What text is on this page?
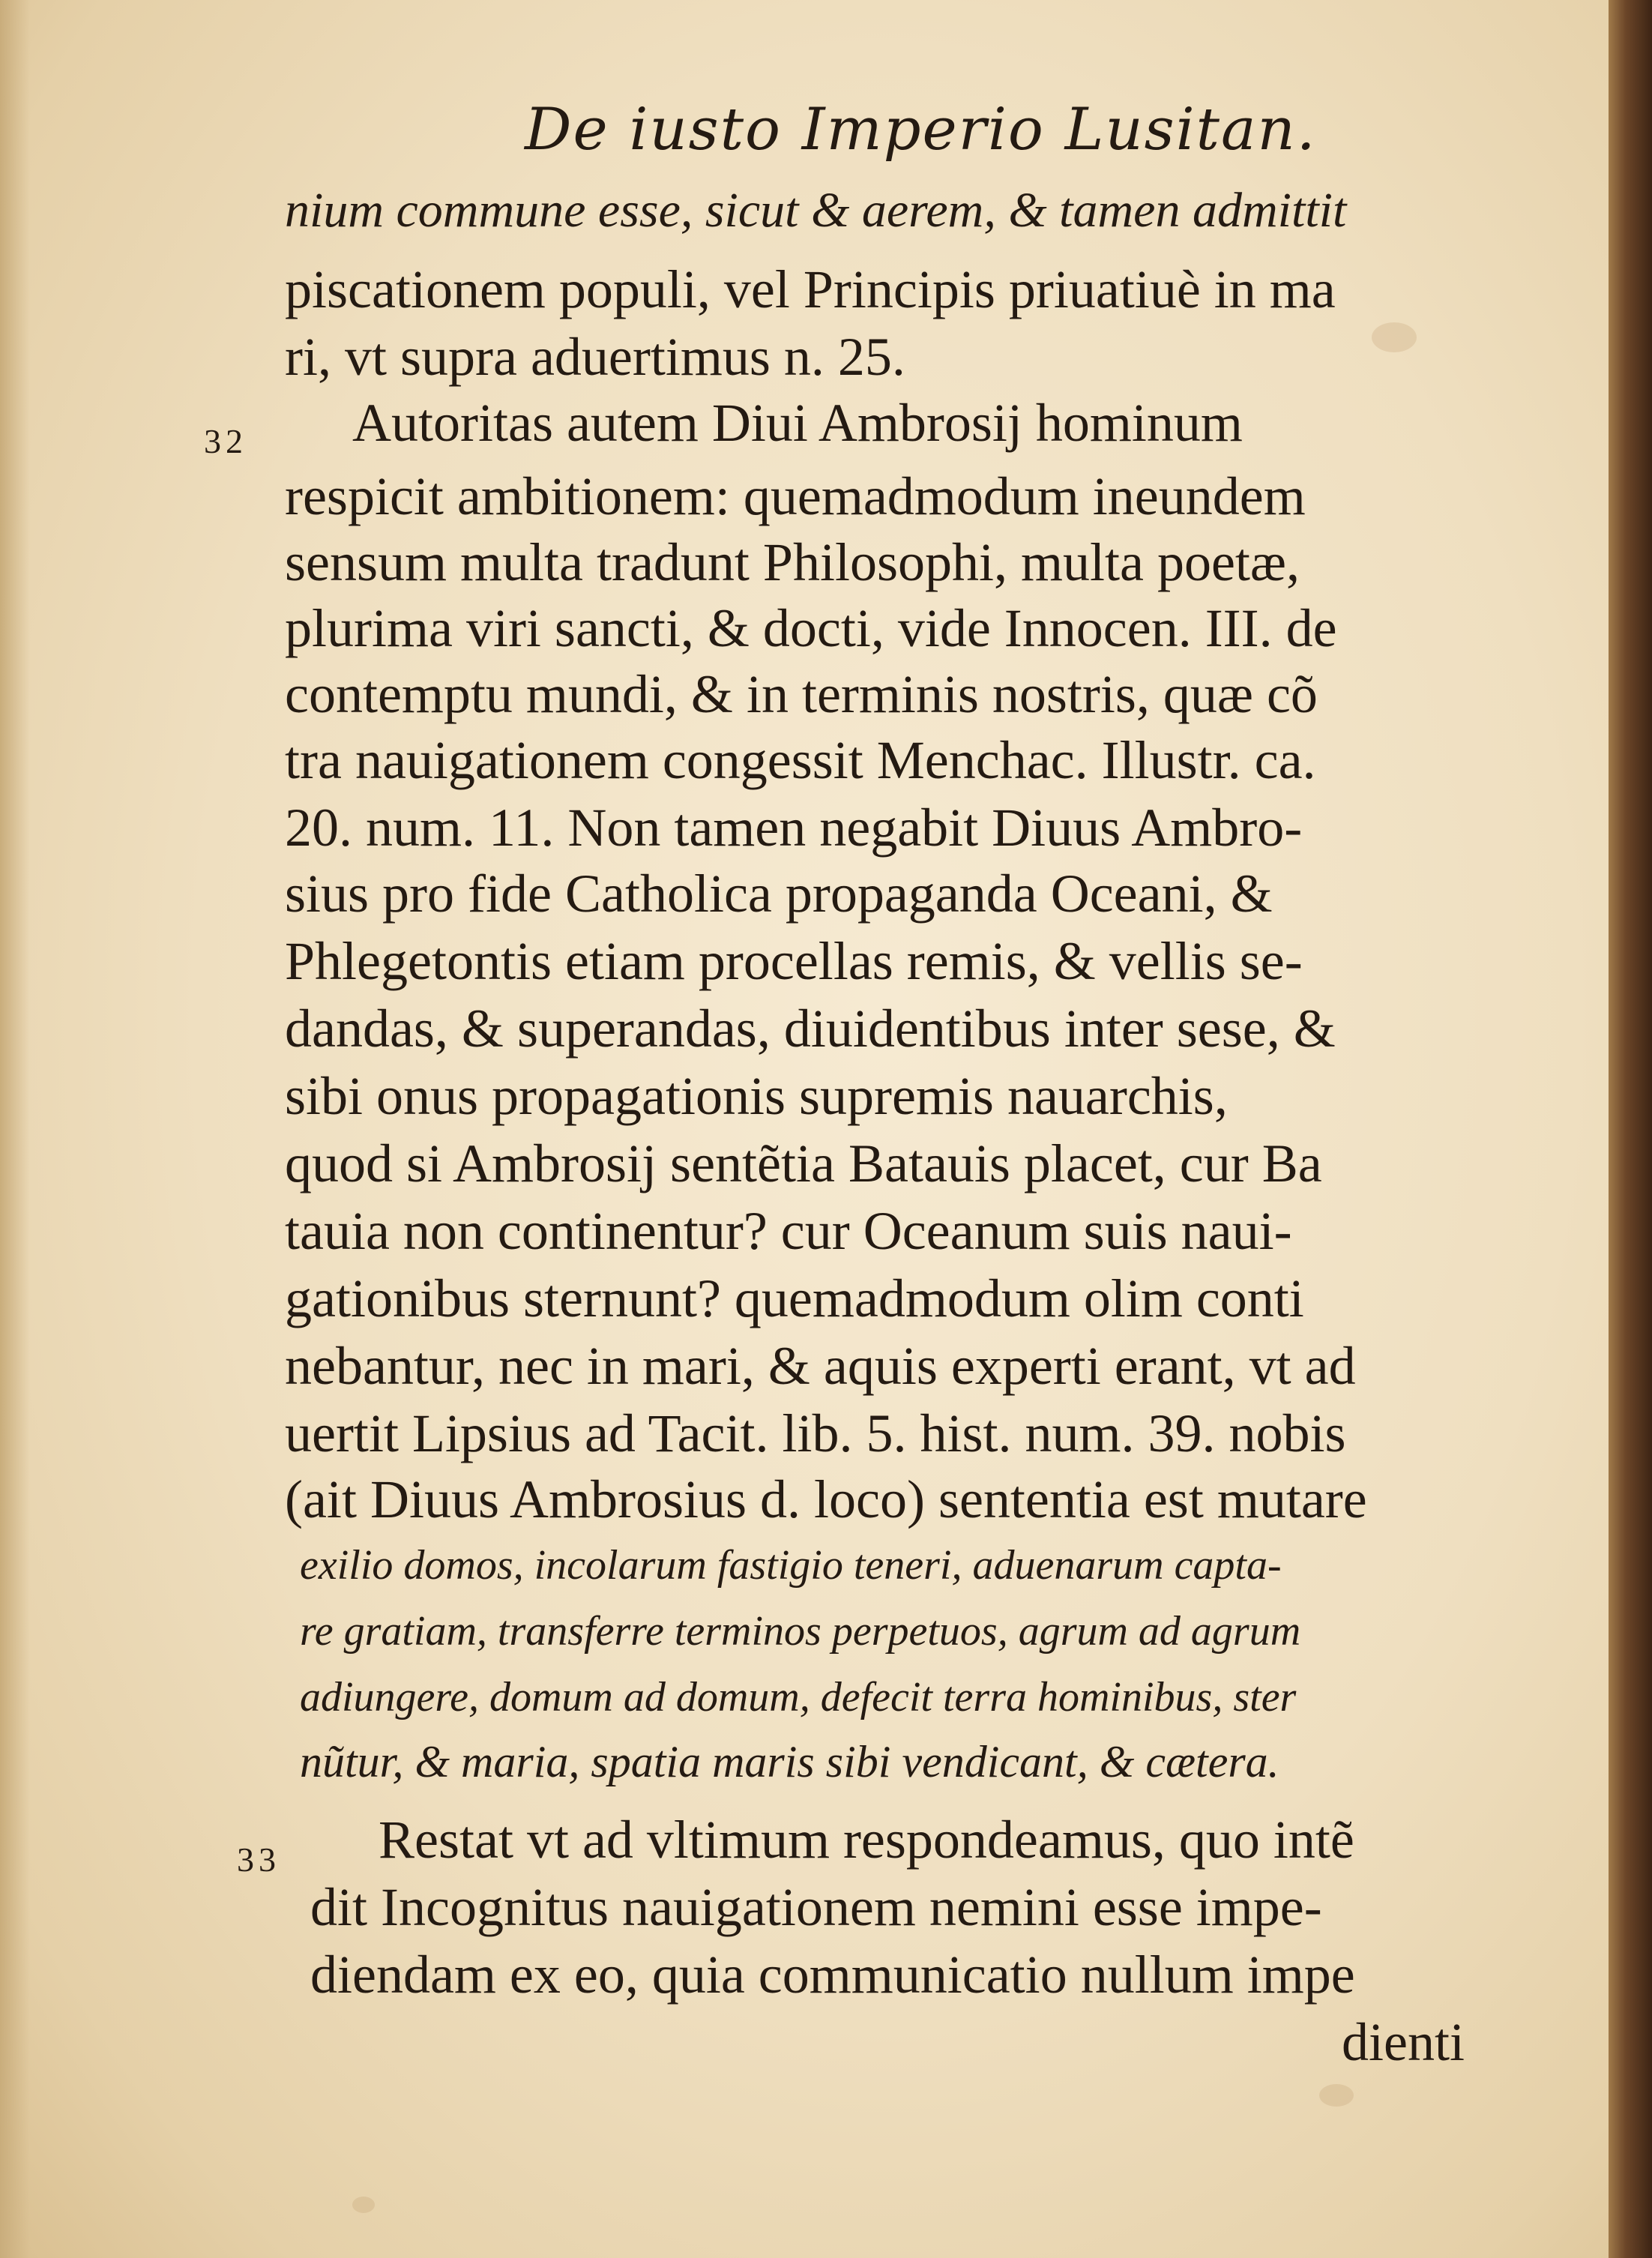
De iusto Imperio Lusitan.
nium commune esse, sicut & aerem, & tamen admittit
piscationem populi, vel Principis priuatiuè in ma
ri, vt supra aduertimus n. 25.
32 Autoritas autem Diui Ambrosij hominum
respicit ambitionem: quemadmodum ineundem
sensum multa tradunt Philosophi, multa poetæ,
plurima viri sancti, & docti, vide Innocen. III. de
contemptu mundi, & in terminis nostris, quæ cõ
tra nauigationem congessit Menchac. Illustr. ca.
20. num. 11. Non tamen negabit Diuus Ambro-
sius pro fide Catholica propaganda Oceani, &
Phlegetontis etiam procellas remis, & vellis se-
dandas, & superandas, diuidentibus inter sese, &
sibi onus propagationis supremis nauarchis,
quod si Ambrosij sentẽtia Batauis placet, cur Ba
tauia non continentur? cur Oceanum suis naui-
gationibus sternunt? quemadmodum olim conti
nebantur, nec in mari, & aquis experti erant, vt ad
uertit Lipsius ad Tacit. lib. 5. hist. num. 39. nobis
(ait Diuus Ambrosius d. loco) sententia est mutare
exilio domos, incolarum fastigio teneri, aduenarum capta-
re gratiam, transferre terminos perpetuos, agrum ad agrum
adiungere, domum ad domum, defecit terra hominibus, ster
nũtur, & maria, spatia maris sibi vendicant, & cætera.
33 Restat vt ad vltimum respondeamus, quo intẽ
dit Incognitus nauigationem nemini esse impe-
diendam ex eo, quia communicatio nullum impe
dienti
